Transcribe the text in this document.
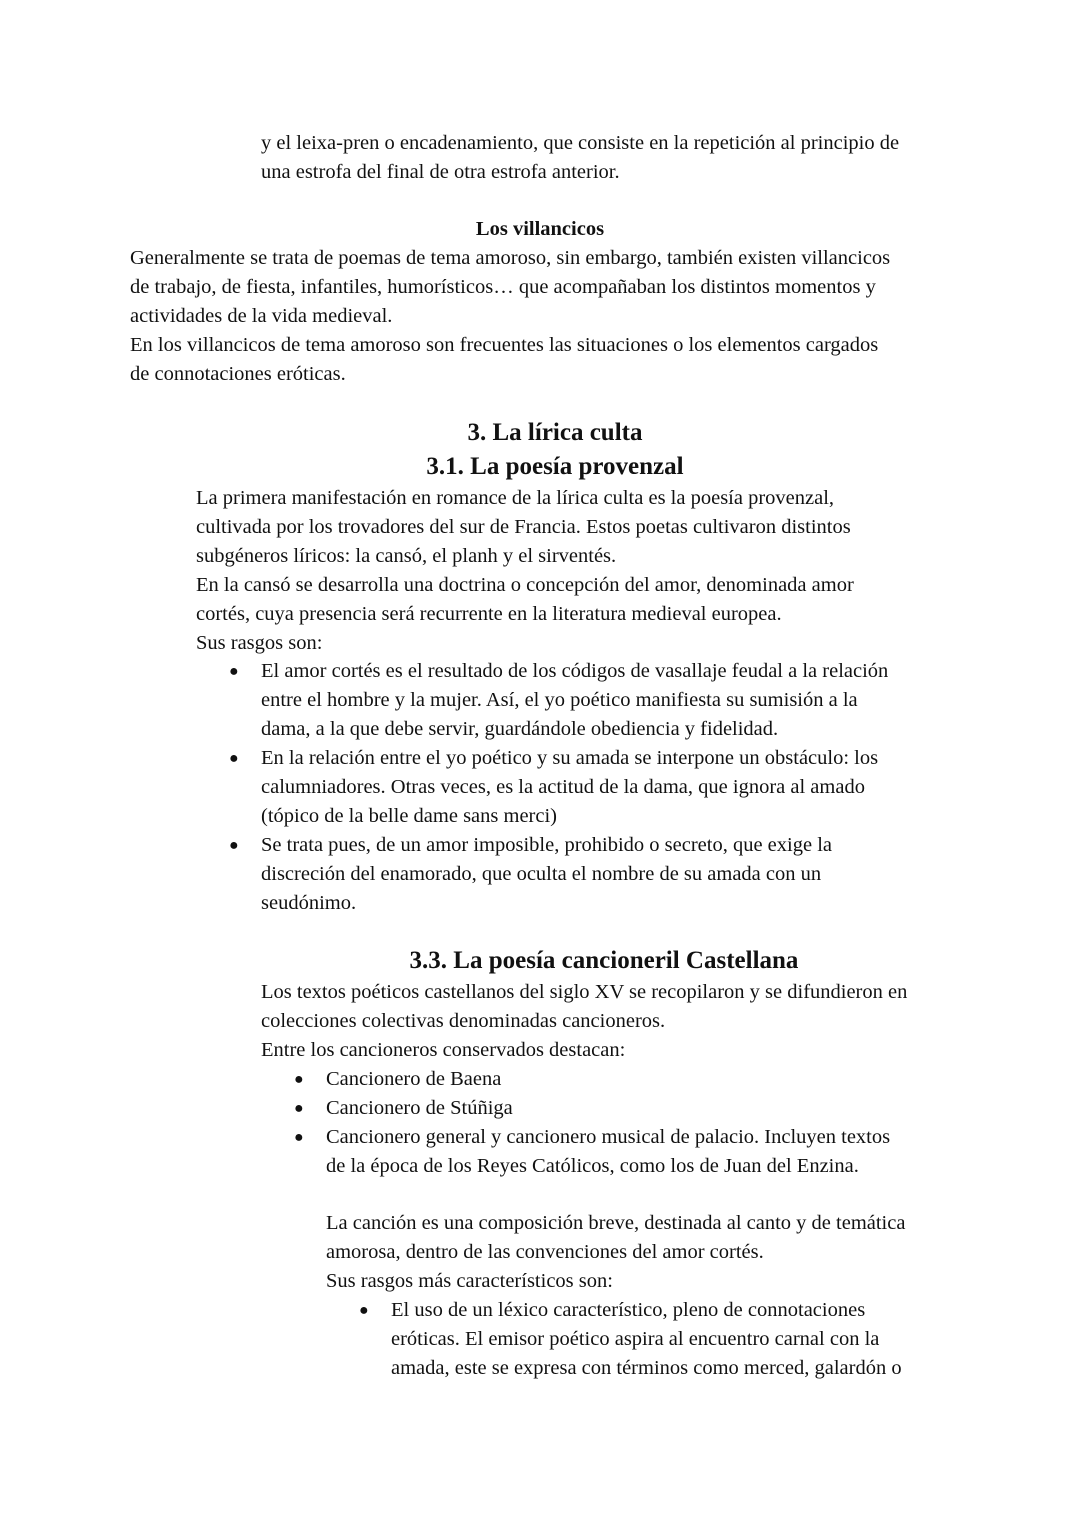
y el leixa-pren o encadenamiento, que consiste en la repetición al principio de

una estrofa del final de otra estrofa anterior.

Los villancicos

Generalmente se trata de poemas de tema amoroso, sin embargo, también existen villancicos

de trabajo, de fiesta, infantiles, humorísticos… que acompañaban los distintos momentos y

actividades de la vida medieval.

En los villancicos de tema amoroso son frecuentes las situaciones o los elementos cargados

de connotaciones eróticas.

3. La lírica culta
3.1. La poesía provenzal

La primera manifestación en romance de la lírica culta es la poesía provenzal,

cultivada por los trovadores del sur de Francia. Estos poetas cultivaron distintos

subgéneros líricos: la cansó, el planh y el sirventés.

En la cansó se desarrolla una doctrina o concepción del amor, denominada amor

cortés, cuya presencia será recurrente en la literatura medieval europea.

Sus rasgos son:

● El amor cortés es el resultado de los códigos de vasallaje feudal a la relación

entre el hombre y la mujer. Así, el yo poético manifiesta su sumisión a la

dama, a la que debe servir, guardándole obediencia y fidelidad.

● En la relación entre el yo poético y su amada se interpone un obstáculo: los

calumniadores. Otras veces, es la actitud de la dama, que ignora al amado

(tópico de la belle dame sans merci)

● Se trata pues, de un amor imposible, prohibido o secreto, que exige la

discreción del enamorado, que oculta el nombre de su amada con un

seudónimo.

3.3. La poesía cancioneril Castellana

Los textos poéticos castellanos del siglo XV se recopilaron y se difundieron en

colecciones colectivas denominadas cancioneros.

Entre los cancioneros conservados destacan:

● Cancionero de Baena

● Cancionero de Stúñiga

● Cancionero general y cancionero musical de palacio. Incluyen textos

de la época de los Reyes Católicos, como los de Juan del Enzina.

La canción es una composición breve, destinada al canto y de temática

amorosa, dentro de las convenciones del amor cortés.

Sus rasgos más característicos son:

● El uso de un léxico característico, pleno de connotaciones

eróticas. El emisor poético aspira al encuentro carnal con la

amada, este se expresa con términos como merced, galardón o
